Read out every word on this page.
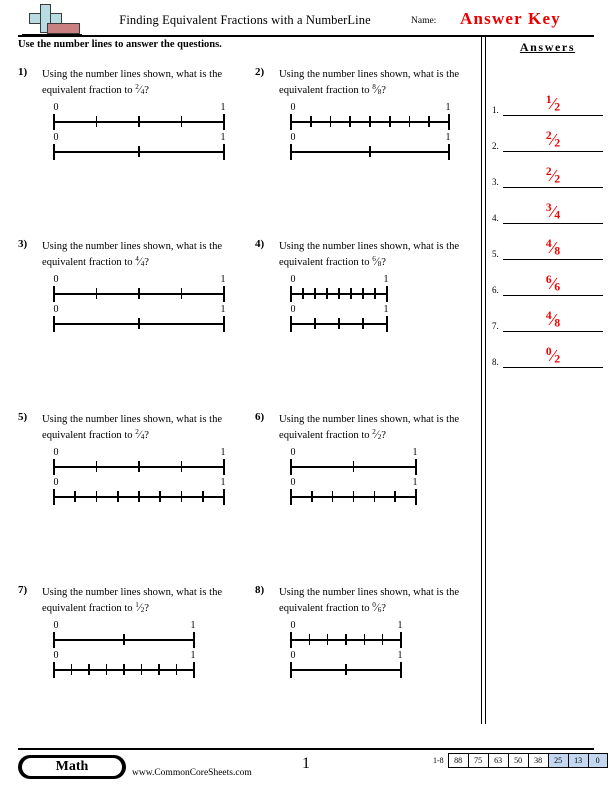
Finding Equivalent Fractions with a NumberLine	Name: Answer Key
Use the number lines to answer the questions.	Answers
1.
$^1$⁄2
2.
$^2$⁄2
3.
$^2$⁄2
4.
$^3$⁄4
5.
$^4$⁄8
6.
$^6$⁄6
7.
$^4$⁄8
8.
$^0$⁄2
1) Using the number lines shown, what is the equivalent fraction to $^2$⁄4?
0	1
0	1
2) Using the number lines shown, what is the equivalent fraction to $^8$⁄8?
0	1
0	1
3) Using the number lines shown, what is the equivalent fraction to $^4$⁄4?
0	1
0	1
4) Using the number lines shown, what is the equivalent fraction to $^6$⁄8?
0	1
0	1
5) Using the number lines shown, what is the equivalent fraction to $^2$⁄4?
0	1
0	1
6) Using the number lines shown, what is the equivalent fraction to $^2$⁄2?
0	1
0	1
7) Using the number lines shown, what is the equivalent fraction to $^1$⁄2?
0	1
0	1
8) Using the number lines shown, what is the equivalent fraction to $^0$⁄6?
0	1
0	1
Math	www.CommonCoreSheets.com
1	1-8	88	75	63	50	38	25	13	0
